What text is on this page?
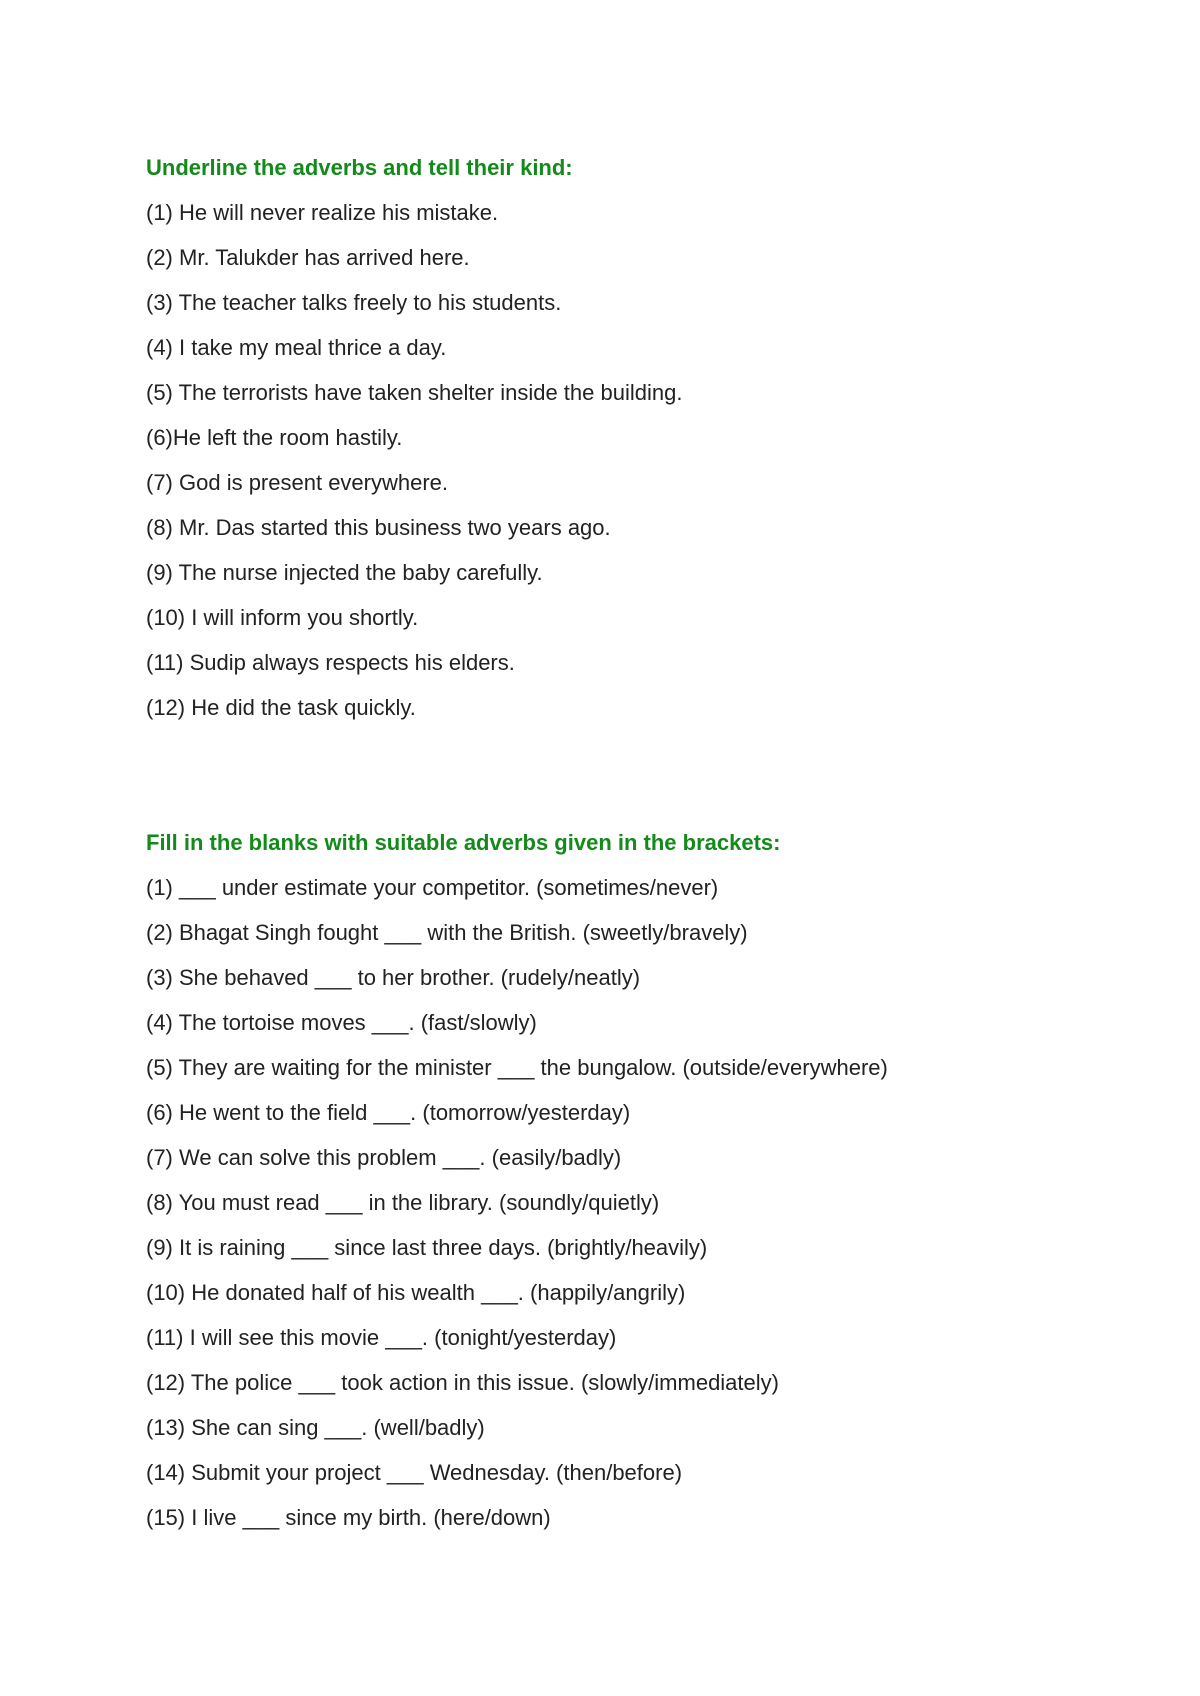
Underline the adverbs and tell their kind:
(1) He will never realize his mistake.
(2) Mr. Talukder has arrived here.
(3) The teacher talks freely to his students.
(4) I take my meal thrice a day.
(5) The terrorists have taken shelter inside the building.
(6)He left the room hastily.
(7) God is present everywhere.
(8) Mr. Das started this business two years ago.
(9) The nurse injected the baby carefully.
(10) I will inform you shortly.
(11) Sudip always respects his elders.
(12) He did the task quickly.
Fill in the blanks with suitable adverbs given in the brackets:
(1) ___ under estimate your competitor. (sometimes/never)
(2) Bhagat Singh fought ___ with the British. (sweetly/bravely)
(3) She behaved ___ to her brother. (rudely/neatly)
(4) The tortoise moves ___. (fast/slowly)
(5) They are waiting for the minister ___ the bungalow. (outside/everywhere)
(6) He went to the field ___. (tomorrow/yesterday)
(7) We can solve this problem ___. (easily/badly)
(8) You must read ___ in the library. (soundly/quietly)
(9) It is raining ___ since last three days. (brightly/heavily)
(10) He donated half of his wealth ___. (happily/angrily)
(11) I will see this movie ___. (tonight/yesterday)
(12) The police ___ took action in this issue. (slowly/immediately)
(13) She can sing ___. (well/badly)
(14) Submit your project ___ Wednesday. (then/before)
(15) I live ___ since my birth. (here/down)
